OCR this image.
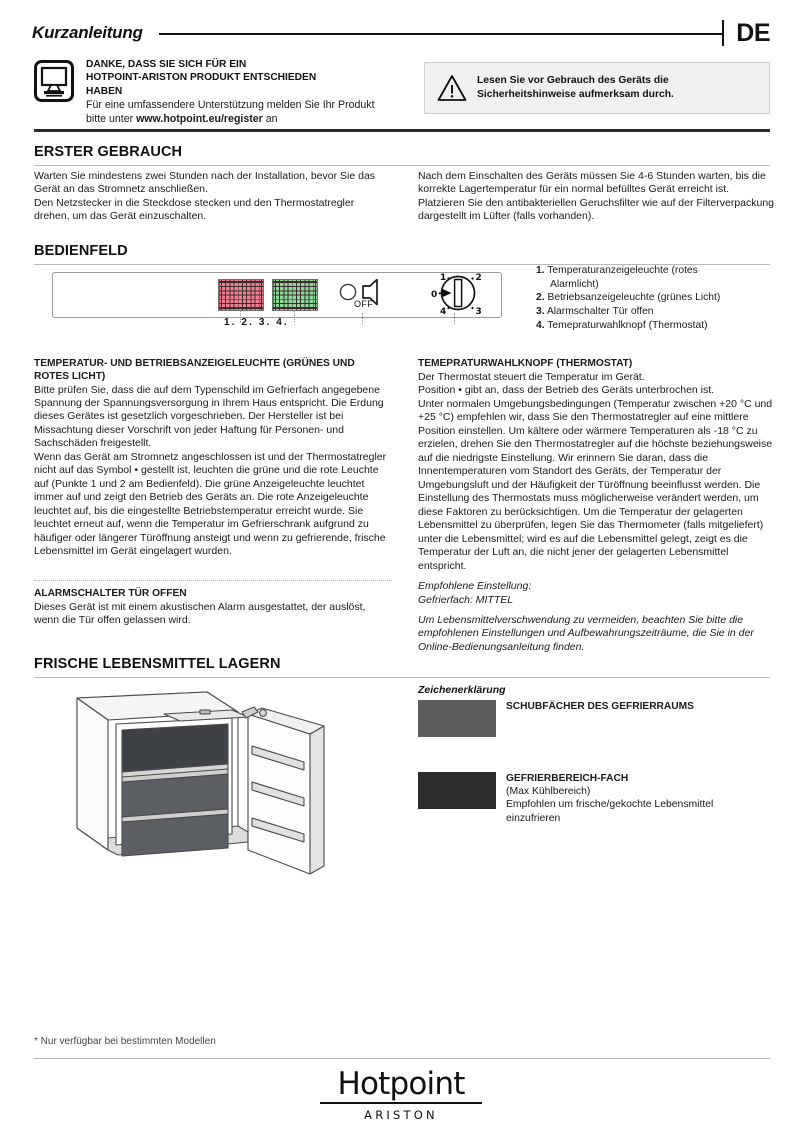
Kurzanleitung	DE
DANKE, DASS SIE SICH FÜR EIN
HOTPOINT-ARISTON PRODUKT ENTSCHIEDEN
HABEN
Für eine umfassendere Unterstützung melden Sie Ihr Produkt bitte unter www.hotpoint.eu/register an
Lesen Sie vor Gebrauch des Geräts die Sicherheitshinweise aufmerksam durch.
ERSTER GEBRAUCH

Warten Sie mindestens zwei Stunden nach der Installation, bevor Sie das Gerät an das Stromnetz anschließen.

Den Netzstecker in die Steckdose stecken und den Thermostatregler drehen, um das Gerät einzuschalten.

Nach dem Einschalten des Geräts müssen Sie 4-6 Stunden warten, bis die korrekte Lagertemperatur für ein normal befülltes Gerät erreicht ist. Platzieren Sie den antibakteriellen Geruchsfilter wie auf der Filterverpackung dargestellt im Lüfter (falls vorhanden).

BEDIENFELD
OFF
1	2
0
4	3
1. 2. 3. 4.
1. Temperaturanzeigeleuchte (rotes
Alarmlicht)
2. Betriebsanzeigeleuchte (grünes Licht)
3. Alarmschalter Tür offen
4. Temepraturwahlknopf (Thermostat)

TEMPERATUR- UND BETRIEBSANZEIGELEUCHTE (GRÜNES UND ROTES LICHT)

Bitte prüfen Sie, dass die auf dem Typenschild im Gefrierfach angegebene Spannung der Spannungsversorgung in Ihrem Haus entspricht. Die Erdung dieses Gerätes ist gesetzlich vorgeschrieben. Der Hersteller ist bei Missachtung dieser Vorschrift von jeder Haftung für Personen- und Sachschäden freigestellt.

Wenn das Gerät am Stromnetz angeschlossen ist und der Thermostatregler nicht auf das Symbol • gestellt ist, leuchten die grüne und die rote Leuchte auf (Punkte 1 und 2 am Bedienfeld). Die grüne Anzeigeleuchte leuchtet immer auf und zeigt den Betrieb des Geräts an. Die rote Anzeigeleuchte leuchtet auf, bis die eingestellte Betriebstemperatur erreicht wurde. Sie leuchtet erneut auf, wenn die Temperatur im Gefrierschrank aufgrund zu häufiger oder längerer Türöffnung ansteigt und wenn zu gefrierende, frische Lebensmittel im Gerät eingelagert wurden.

ALARMSCHALTER TÜR OFFEN

Dieses Gerät ist mit einem akustischen Alarm ausgestattet, der auslöst, wenn die Tür offen gelassen wird.

TEMEPRATURWAHLKNOPF (THERMOSTAT)

Der Thermostat steuert die Temperatur im Gerät.

Position • gibt an, dass der Betrieb des Geräts unterbrochen ist.

Unter normalen Umgebungsbedingungen (Temperatur zwischen +20 °C und +25 °C) empfehlen wir, dass Sie den Thermostatregler auf eine mittlere Position einstellen. Um kältere oder wärmere Temperaturen als -18 °C zu erzielen, drehen Sie den Thermostatregler auf die höchste beziehungsweise auf die niedrigste Einstellung. Wir erinnern Sie daran, dass die Innentemperaturen vom Standort des Geräts, der Temperatur der Umgebungsluft und der Häufigkeit der Türöffnung beeinflusst werden. Die Einstellung des Thermostats muss möglicherweise verändert werden, um diese Faktoren zu berücksichtigen. Um die Temperatur der gelagerten Lebensmittel zu überprüfen, legen Sie das Thermometer (falls mitgeliefert) unter die Lebensmittel; wird es auf die Lebensmittel gelegt, zeigt es die Temperatur der Luft an, die nicht jener der gelagerten Lebensmittel entspricht.

Empfohlene Einstellung:

Gefrierfach: MITTEL

Um Lebensmittelverschwendung zu vermeiden, beachten Sie bitte die empfohlenen Einstellungen und Aufbewahrungszeiträume, die Sie in der Online-Bedienungsanleitung finden.

FRISCHE LEBENSMITTEL LAGERN
Zeichenerklärung
SCHUBFÄCHER DES GEFRIERRAUMS
GEFRIERBEREICH-FACH
(Max Kühlbereich)
Empfohlen um frische/gekochte Lebensmittel
einzufrieren
* Nur verfügbar bei bestimmten Modellen
Hotpoint
ARISTON
